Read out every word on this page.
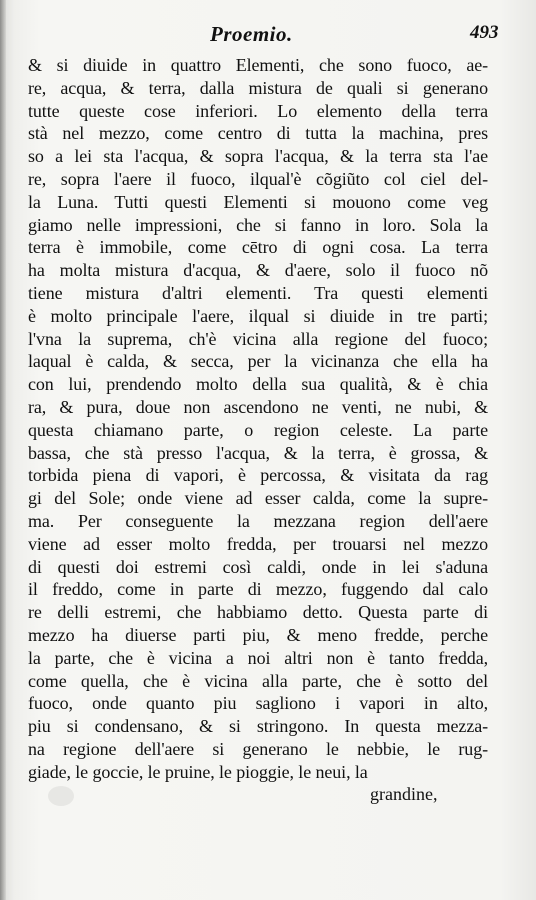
Proemio.	493
& si diuide in quattro Elementi, che sono fuoco, ae-
re, acqua, & terra, dalla mistura de quali si generano
tutte queste cose inferiori. Lo elemento della terra
stà nel mezzo, come centro di tutta la machina, pres
so a lei sta l'acqua, & sopra l'acqua, & la terra sta l'ae
re, sopra l'aere il fuoco, ilqual'è cõgiũto col ciel del-
la Luna. Tutti questi Elementi si mouono come veg
giamo nelle impressioni, che si fanno in loro. Sola la
terra è immobile, come cētro di ogni cosa. La terra
ha molta mistura d'acqua, & d'aere, solo il fuoco nõ
tiene mistura d'altri elementi. Tra questi elementi
è molto principale l'aere, ilqual si diuide in tre parti;
l'vna la suprema, ch'è vicina alla regione del fuoco;
laqual è calda, & secca, per la vicinanza che ella ha
con lui, prendendo molto della sua qualità, & è chia
ra, & pura, doue non ascendono ne venti, ne nubi, &
questa chiamano parte, o region celeste. La parte
bassa, che stà presso l'acqua, & la terra, è grossa, &
torbida piena di vapori, è percossa, & visitata da rag
gi del Sole; onde viene ad esser calda, come la supre-
ma. Per conseguente la mezzana region dell'aere
viene ad esser molto fredda, per trouarsi nel mezzo
di questi doi estremi così caldi, onde in lei s'aduna
il freddo, come in parte di mezzo, fuggendo dal calo
re delli estremi, che habbiamo detto. Questa parte di
mezzo ha diuerse parti piu, & meno fredde, perche
la parte, che è vicina a noi altri non è tanto fredda,
come quella, che è vicina alla parte, che è sotto del
fuoco, onde quanto piu sagliono i vapori in alto,
piu si condensano, & si stringono. In questa mezza-
na regione dell'aere si generano le nebbie, le rug-
giade, le goccie, le pruine, le pioggie, le neui, la
grandine,
